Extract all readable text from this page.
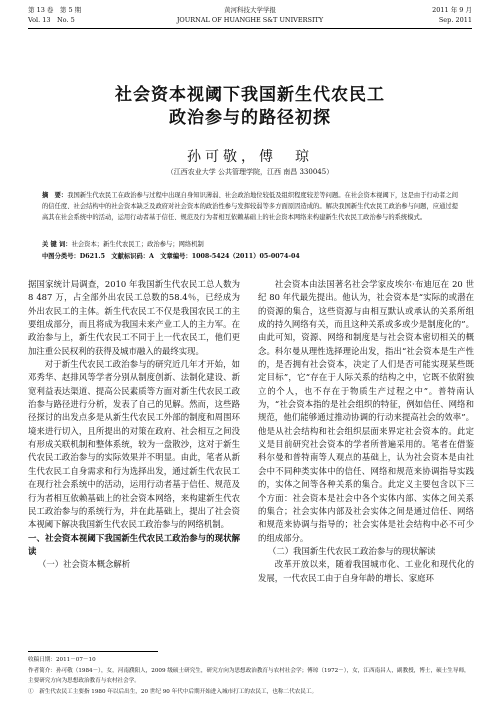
第 13 卷　第 5 期	黄河科技大学学报	2011 年 9 月
Vol. 13　No. 5	JOURNAL OF HUANGHE S&T UNIVERSITY	Sep. 2011
社会资本视阈下我国新生代农民工
政治参与的路径初探
孙可敬，傅　琼
（江西农业大学 公共管理学院，江西 南昌 330045）
摘　要：我国新生代农民工在政治参与过程中出现自身知识薄弱、社会政治地位较低及组织程度较差等问题。在社会资本视阈下，这是由于行动者之间的信任度、社会结构中的社会资本缺乏及政府对社会资本的政治性参与发挥较弱等多方面原因造成的。解决我国新生代农民工政治参与问题，应通过提高其在社会系统中的活动，运用行动者基于信任、规范及行为者相互依赖基础上的社会资本网络来构建新生代农民工政治参与的系统模式。
关 键 词：社会资本；新生代农民工；政治参与；网络机制
中图分类号：D621.5　文献标识码：A　文章编号：1008-5424（2011）05-0074-04

据国家统计局调查，2010 年我国新生代农民工总人数为 8 487 万，占全部外出农民工总数的58.4％，已经成为外出农民工的主体。新生代农民工不仅是我国农民工的主要组成部分，而且将成为我国未来产业工人的主力军。在政治参与上，新生代农民工不同于上一代农民工，他们更加注重公民权利的获得及城市融入的最终实现。

对于新生代农民工政治参与的研究近几年才开始，如邓秀华、赵排风等学者分别从制度创新、法制化建设、新宽利益表达渠道、提高公民素质等方面对新生代农民工政治参与路径进行分析，发表了自己的见解。然而，这些路径探讨的出发点多是从新生代农民工外部的制度和周围环境来进行切入，且所提出的对策在政府、社会相互之间没有形成关联机制和整体系统，较为一盘散沙，这对于新生代农民工政治参与的实际效果并不明显。由此，笔者从新生代农民工自身需求和行为选择出发，通过新生代农民工在现行社会系统中的活动，运用行动者基于信任、规范及行为者相互依赖基础上的社会资本网络，来构建新生代农民工政治参与的系统行为，并在此基础上，提出了社会资本视阈下解决我国新生代农民工政治参与的网络机制。

一、社会资本视阈下我国新生代农民工政治参与的现状解读

（一）社会资本概念解析

社会资本由法国著名社会学家皮埃尔·布迪厄在 20 世纪 80 年代最先提出。他认为，社会资本是“实际的或潜在的资源的集合，这些资源与由相互默认或承认的关系所组成的持久网络有关，而且这种关系或多或少是制度化的”。由此可知，资源、网络和制度是与社会资本密切相关的概念。科尔曼从理性选择理论出发，指出“社会资本是生产性的，是否拥有社会资本，决定了人们是否可能实现某些既定目标”，它“存在于人际关系的结构之中，它既不依附独立的个人，也不存在于物质生产过程之中”。普特南认为，“社会资本指的是社会组织的特征，例如信任、网络和规范，他们能够通过推动协调的行动来提高社会的效率”。他是从社会结构和社会组织层面来界定社会资本的。此定义是目前研究社会资本的学者所普遍采用的。笔者在借鉴科尔曼和普特南等人观点的基础上，认为社会资本是由社会中不同种类实体中的信任、网络和规范来协调指导实践的，实体之间等各种关系的集合。此定义主要包含以下三个方面：社会资本是社会中各个实体内部、实体之间关系的集合；社会实体内部及社会实体之间是通过信任、网络和规范来协调与指导的；社会实体是社会结构中必不可少的组成部分。

（二）我国新生代农民工政治参与的现状解读

改革开放以来，随着我国城市化、工业化和现代化的发展，一代农民工由于自身年龄的增长、家庭环

收稿日期：2011－07－10
作者简介：孙可敬（1984－），女，河南濮阳人，2009 级硕士研究生，研究方向为思想政治教育与农村社会学；傅琼（1972－），女，江西南昌人，副教授，博士，硕士生导师，主要研究方向为思想政治教育与农村社会学。
①　新生代农民工主要指 1980 年以后出生，20 世纪 90 年代中后期开始进入城市打工的农民工，也称二代农民工。
